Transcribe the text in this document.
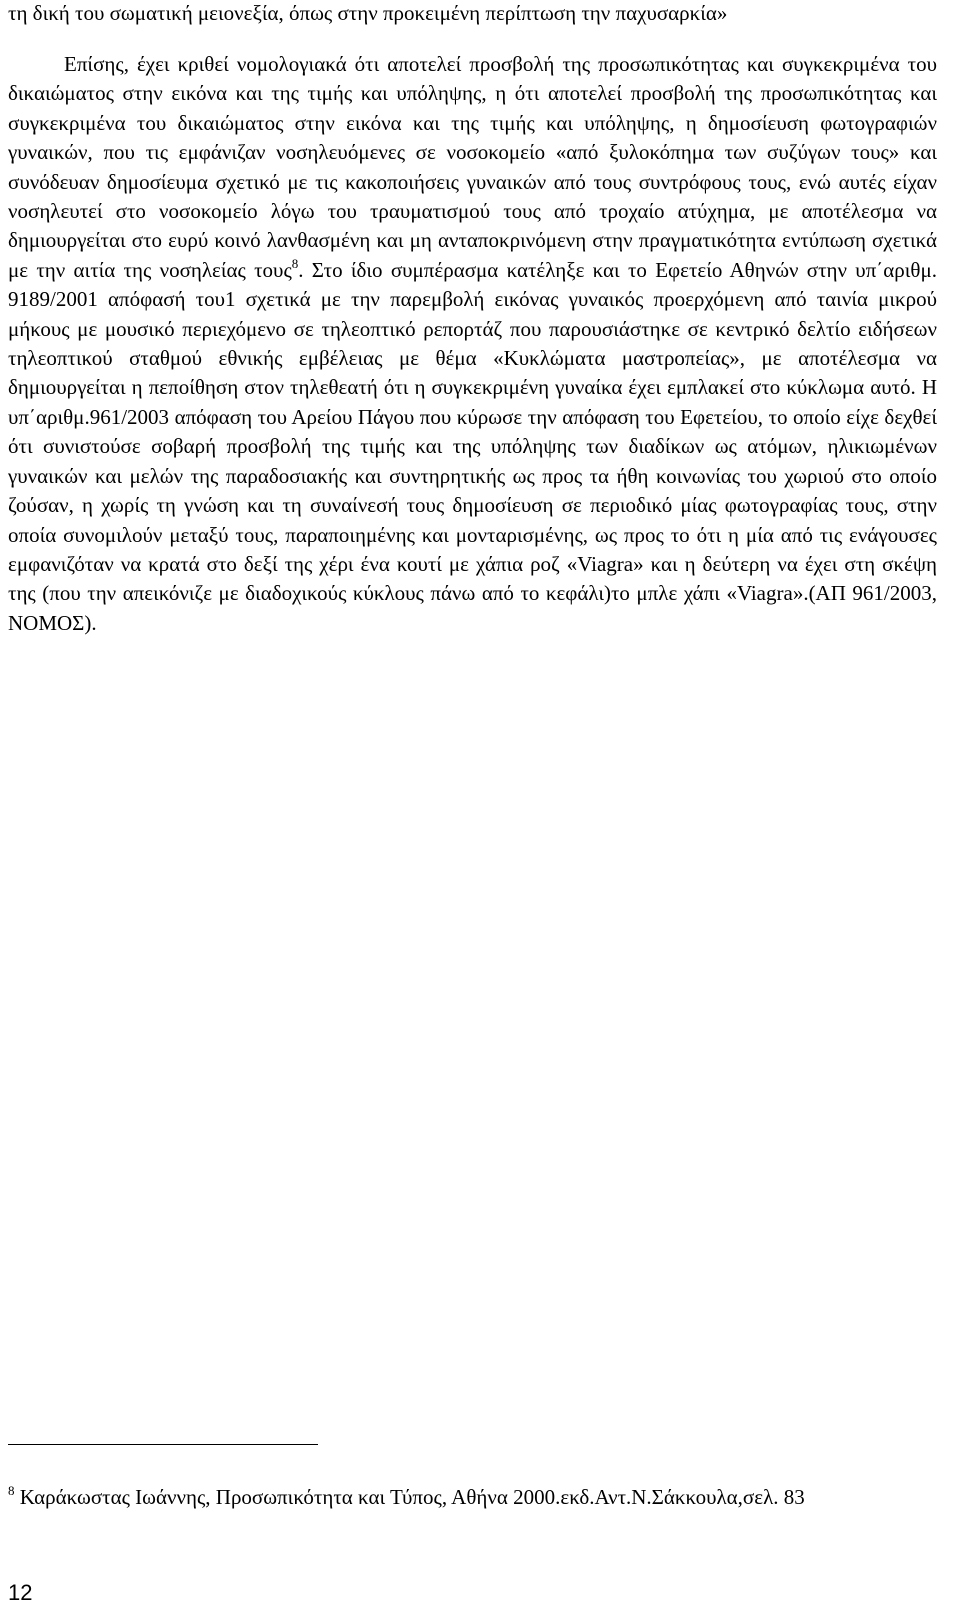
τη δική του σωματική μειονεξία, όπως στην προκειμένη περίπτωση την παχυσαρκία»

Επίσης, έχει κριθεί νομολογιακά ότι αποτελεί προσβολή της προσωπικότητας και συγκεκριμένα του δικαιώματος στην εικόνα και της τιμής και υπόληψης, η ότι αποτελεί προσβολή της προσωπικότητας και συγκεκριμένα του δικαιώματος στην εικόνα και της τιμής και υπόληψης, η δημοσίευση φωτογραφιών γυναικών, που τις εμφάνιζαν νοσηλευόμενες σε νοσοκομείο «από ξυλοκόπημα των συζύγων τους» και συνόδευαν δημοσίευμα σχετικό με τις κακοποιήσεις γυναικών από τους συντρόφους τους, ενώ αυτές είχαν νοσηλευτεί στο νοσοκομείο λόγω του τραυματισμού τους από τροχαίο ατύχημα, με αποτέλεσμα να δημιουργείται στο ευρύ κοινό λανθασμένη και μη ανταποκρινόμενη στην πραγματικότητα εντύπωση σχετικά με την αιτία της νοσηλείας τους$^8$. Στο ίδιο συμπέρασμα κατέληξε και το Εφετείο Αθηνών στην υπ΄αριθμ. 9189/2001 απόφασή του1 σχετικά με την παρεμβολή εικόνας γυναικός προερχόμενη από ταινία μικρού μήκους με μουσικό περιεχόμενο σε τηλεοπτικό ρεπορτάζ που παρουσιάστηκε σε κεντρικό δελτίο ειδήσεων τηλεοπτικού σταθμού εθνικής εμβέλειας με θέμα «Κυκλώματα μαστροπείας», με αποτέλεσμα να δημιουργείται η πεποίθηση στον τηλεθεατή ότι η συγκεκριμένη γυναίκα έχει εμπλακεί στο κύκλωμα αυτό. Η υπ΄αριθμ.961/2003 απόφαση του Αρείου Πάγου που κύρωσε την απόφαση του Εφετείου, το οποίο είχε δεχθεί ότι συνιστούσε σοβαρή προσβολή της τιμής και της υπόληψης των διαδίκων ως ατόμων, ηλικιωμένων γυναικών και μελών της παραδοσιακής και συντηρητικής ως προς τα ήθη κοινωνίας του χωριού στο οποίο ζούσαν, η χωρίς τη γνώση και τη συναίνεσή τους δημοσίευση σε περιοδικό μίας φωτογραφίας τους, στην οποία συνομιλούν μεταξύ τους, παραποιημένης και μονταρισμένης, ως προς το ότι η μία από τις ενάγουσες εμφανιζόταν να κρατά στο δεξί της χέρι ένα κουτί με χάπια ροζ «Viagra» και η δεύτερη να έχει στη σκέψη της (που την απεικόνιζε με διαδοχικούς κύκλους πάνω από το κεφάλι)το μπλε χάπι «Viagra».(ΑΠ 961/2003, ΝΟΜΟΣ).

$^8$ Καράκωστας Ιωάννης, Προσωπικότητα και Τύπος, Αθήνα 2000.εκδ.Αντ.Ν.Σάκκουλα,σελ. 83
12
